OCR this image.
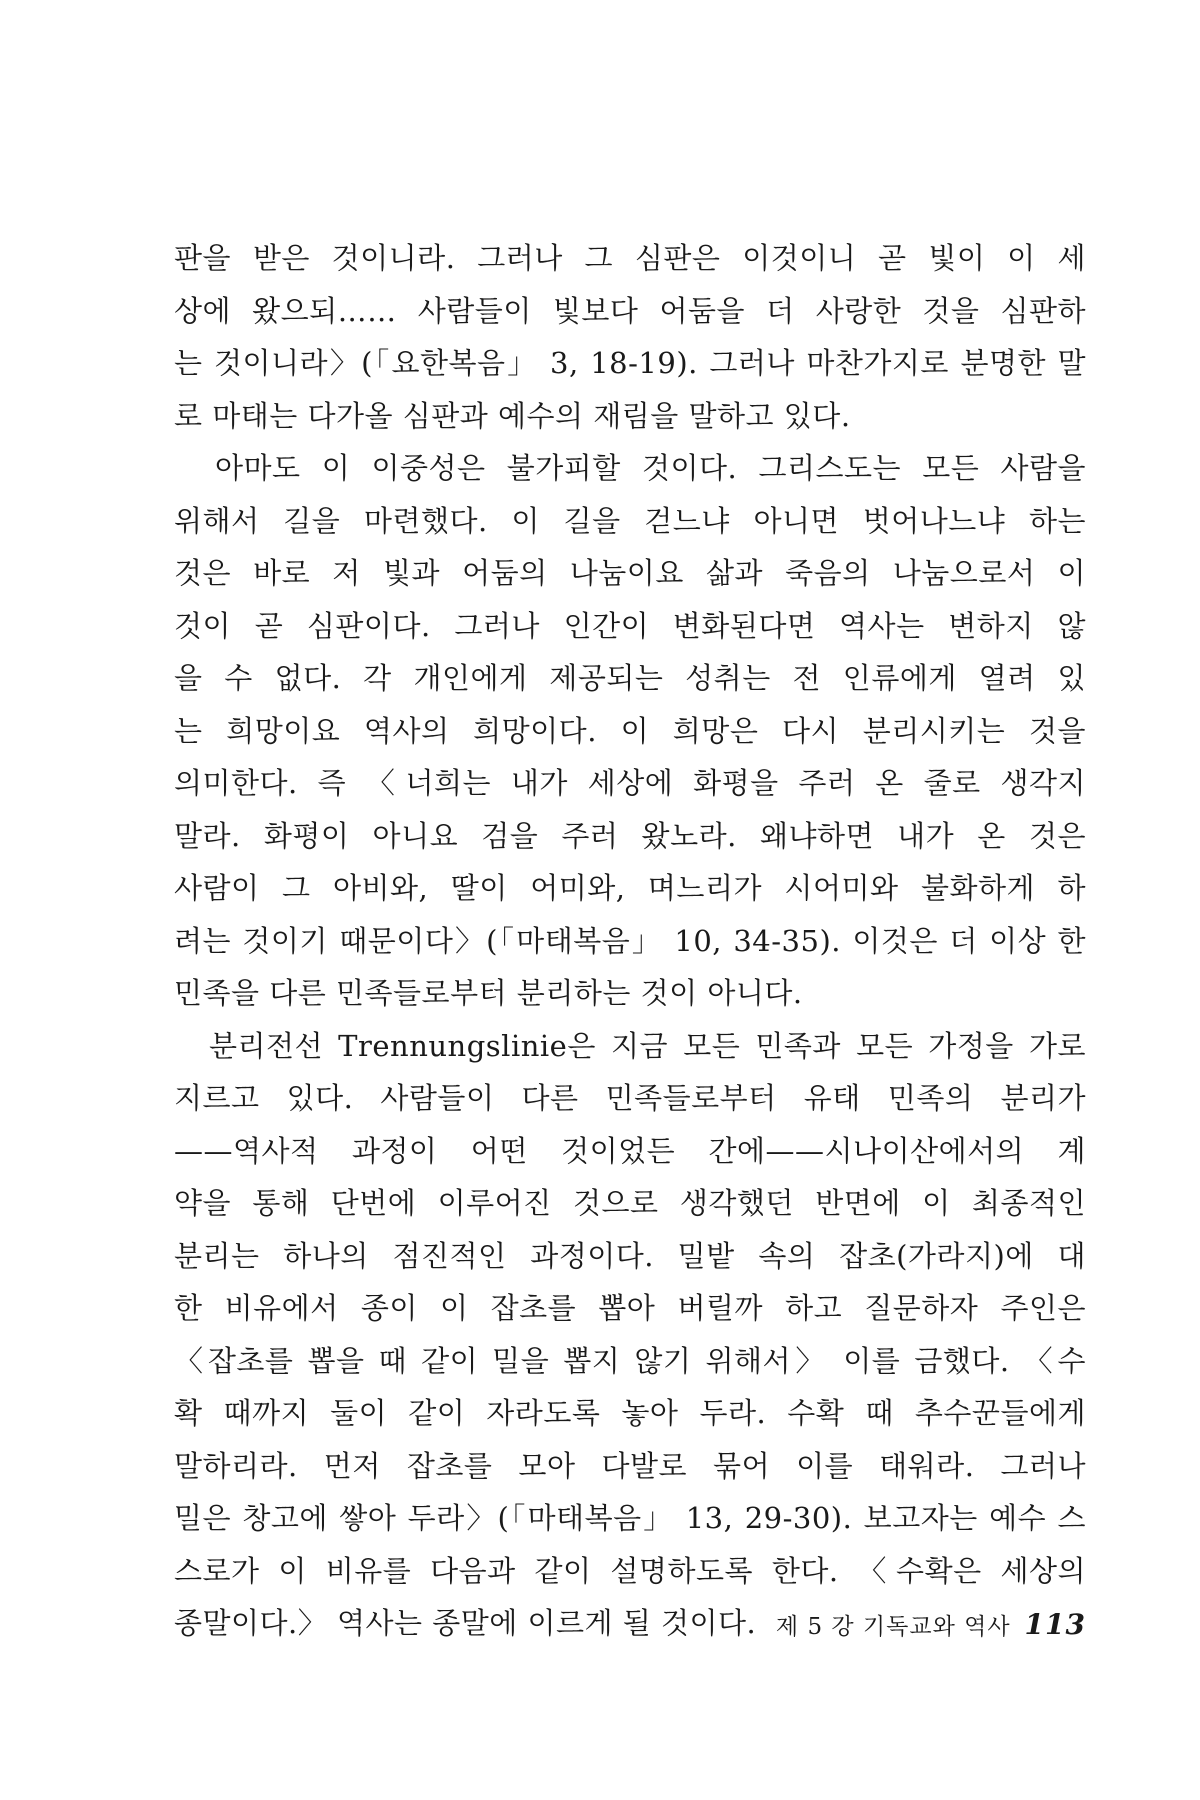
판을 받은 것이니라. 그러나 그 심판은 이것이니 곧 빛이 이 세
상에 왔으되…… 사람들이 빛보다 어둠을 더 사랑한 것을 심판하
는 것이니라〉(「요한복음」 3, 18-19). 그러나 마찬가지로 분명한 말
로 마태는 다가올 심판과 예수의 재림을 말하고 있다.
　아마도 이 이중성은 불가피할 것이다. 그리스도는 모든 사람을
위해서 길을 마련했다. 이 길을 걷느냐 아니면 벗어나느냐 하는
것은 바로 저 빛과 어둠의 나눔이요 삶과 죽음의 나눔으로서 이
것이 곧 심판이다. 그러나 인간이 변화된다면 역사는 변하지 않
을 수 없다. 각 개인에게 제공되는 성취는 전 인류에게 열려 있
는 희망이요 역사의 희망이다. 이 희망은 다시 분리시키는 것을
의미한다. 즉 〈너희는 내가 세상에 화평을 주러 온 줄로 생각지
말라. 화평이 아니요 검을 주러 왔노라. 왜냐하면 내가 온 것은
사람이 그 아비와, 딸이 어미와, 며느리가 시어미와 불화하게 하
려는 것이기 때문이다〉(「마태복음」 10, 34-35). 이것은 더 이상 한
민족을 다른 민족들로부터 분리하는 것이 아니다.
　분리전선 Trennungslinie은 지금 모든 민족과 모든 가정을 가로
지르고 있다. 사람들이 다른 민족들로부터 유태 민족의 분리가
——역사적 과정이 어떤 것이었든 간에——시나이산에서의 계
약을 통해 단번에 이루어진 것으로 생각했던 반면에 이 최종적인
분리는 하나의 점진적인 과정이다. 밀밭 속의 잡초(가라지)에 대
한 비유에서 종이 이 잡초를 뽑아 버릴까 하고 질문하자 주인은
〈잡초를 뽑을 때 같이 밀을 뽑지 않기 위해서〉 이를 금했다. 〈수
확 때까지 둘이 같이 자라도록 놓아 두라. 수확 때 추수꾼들에게
말하리라. 먼저 잡초를 모아 다발로 묶어 이를 태워라. 그러나
밀은 창고에 쌓아 두라〉(「마태복음」 13, 29-30). 보고자는 예수 스
스로가 이 비유를 다음과 같이 설명하도록 한다. 〈수확은 세상의
종말이다.〉 역사는 종말에 이르게 될 것이다. 제 5 강 기독교와 역사 113
